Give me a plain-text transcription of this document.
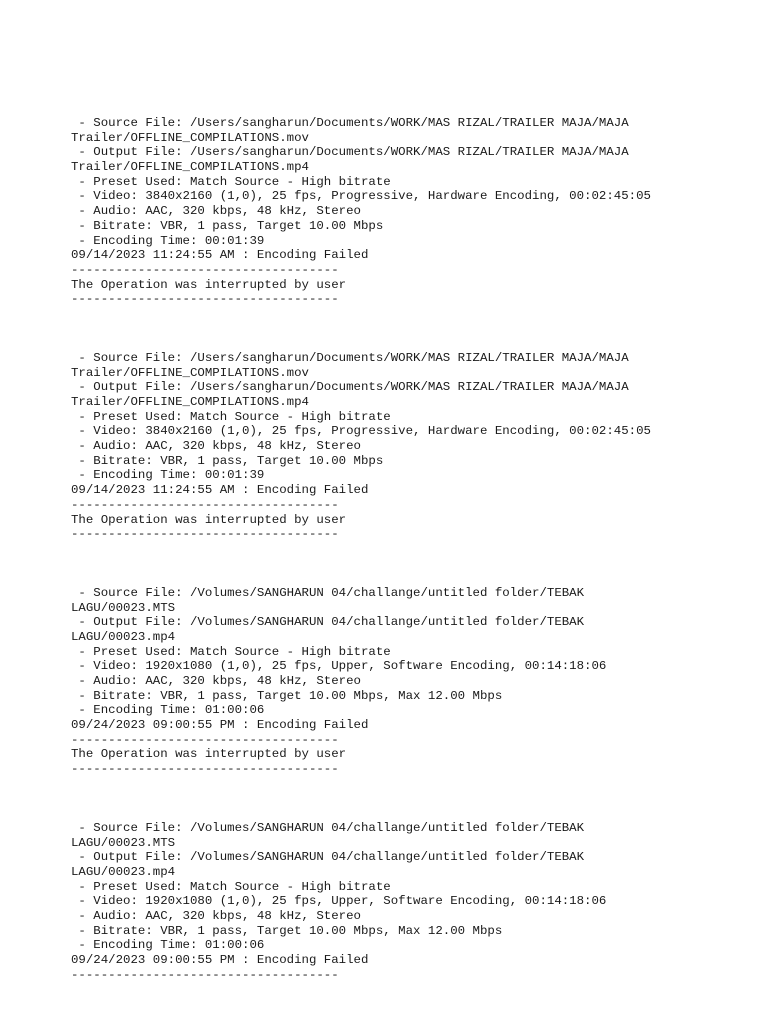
- Source File: /Users/sangharun/Documents/WORK/MAS RIZAL/TRAILER MAJA/MAJA
Trailer/OFFLINE_COMPILATIONS.mov
- Output File: /Users/sangharun/Documents/WORK/MAS RIZAL/TRAILER MAJA/MAJA
Trailer/OFFLINE_COMPILATIONS.mp4
- Preset Used: Match Source - High bitrate
- Video: 3840x2160 (1,0), 25 fps, Progressive, Hardware Encoding, 00:02:45:05
- Audio: AAC, 320 kbps, 48 kHz, Stereo
- Bitrate: VBR, 1 pass, Target 10.00 Mbps
- Encoding Time: 00:01:39
09/14/2023 11:24:55 AM : Encoding Failed
------------------------------------
The Operation was interrupted by user
------------------------------------
- Source File: /Users/sangharun/Documents/WORK/MAS RIZAL/TRAILER MAJA/MAJA
Trailer/OFFLINE_COMPILATIONS.mov
- Output File: /Users/sangharun/Documents/WORK/MAS RIZAL/TRAILER MAJA/MAJA
Trailer/OFFLINE_COMPILATIONS.mp4
- Preset Used: Match Source - High bitrate
- Video: 3840x2160 (1,0), 25 fps, Progressive, Hardware Encoding, 00:02:45:05
- Audio: AAC, 320 kbps, 48 kHz, Stereo
- Bitrate: VBR, 1 pass, Target 10.00 Mbps
- Encoding Time: 00:01:39
09/14/2023 11:24:55 AM : Encoding Failed
------------------------------------
The Operation was interrupted by user
------------------------------------
- Source File: /Volumes/SANGHARUN 04/challange/untitled folder/TEBAK
LAGU/00023.MTS
- Output File: /Volumes/SANGHARUN 04/challange/untitled folder/TEBAK
LAGU/00023.mp4
- Preset Used: Match Source - High bitrate
- Video: 1920x1080 (1,0), 25 fps, Upper, Software Encoding, 00:14:18:06
- Audio: AAC, 320 kbps, 48 kHz, Stereo
- Bitrate: VBR, 1 pass, Target 10.00 Mbps, Max 12.00 Mbps
- Encoding Time: 01:00:06
09/24/2023 09:00:55 PM : Encoding Failed
------------------------------------
The Operation was interrupted by user
------------------------------------
- Source File: /Volumes/SANGHARUN 04/challange/untitled folder/TEBAK
LAGU/00023.MTS
- Output File: /Volumes/SANGHARUN 04/challange/untitled folder/TEBAK
LAGU/00023.mp4
- Preset Used: Match Source - High bitrate
- Video: 1920x1080 (1,0), 25 fps, Upper, Software Encoding, 00:14:18:06
- Audio: AAC, 320 kbps, 48 kHz, Stereo
- Bitrate: VBR, 1 pass, Target 10.00 Mbps, Max 12.00 Mbps
- Encoding Time: 01:00:06
09/24/2023 09:00:55 PM : Encoding Failed
------------------------------------
